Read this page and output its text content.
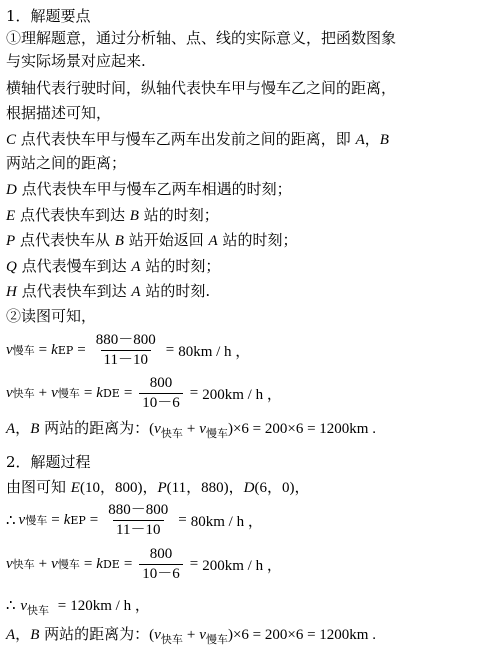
1．解题要点
①理解题意，通过分析轴、点、线的实际意义，把函数图象
与实际场景对应起来.
横轴代表行驶时间，纵轴代表快车甲与慢车乙之间的距离，
根据描述可知，
C 点代表快车甲与慢车乙两车出发前之间的距离，即 A，B
两站之间的距离；
D 点代表快车甲与慢车乙两车相遇的时刻；
E 点代表快车到达 B 站的时刻；
P 点代表快车从 B 站开始返回 A 站的时刻；
Q 点代表慢车到达 A 站的时刻；
H 点代表快车到达 A 站的时刻.
②读图可知，
v 慢车 = k EP = $\frac{880-800}{11-10} = 80km / h$ ，
v 快车 + v 慢车 = k DE = $\frac{800}{10-6} = 200km / h$ ，
A，B 两站的距离为：$(v_{快车} + v_{慢车})\times 6 = 200\times 6 = 1200km$ .
2．解题过程
由图可知 E(10，800)，P(11，880)，D(6，0)，
∴ v 慢车 = k EP = $\frac{880-800}{11-10} = 80km / h$ ，
v 快车 + v 慢车 = k DE = $\frac{800}{10-6} = 200km / h$ ，
∴ $v_{快车} = 120km / h$ ，
A，B 两站的距离为：$(v_{快车} + v_{慢车})\times 6 = 200\times 6 = 1200km$ .
